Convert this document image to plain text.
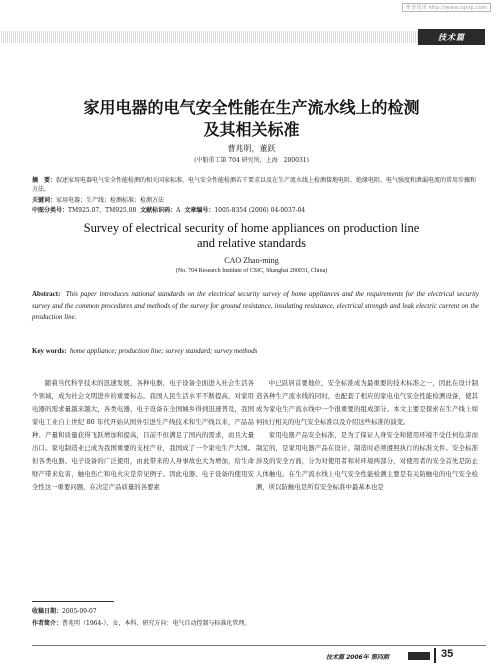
维普资讯 http://www.cqvip.com
技术篇
家用电器的电气安全性能在生产流水线上的检测
及其相关标准
曹兆明，董跃
(中船重工第 704 研究所，上海　200031)
摘　要：叙述家用电器电气安全性能检测的相关国家标准，电气安全性能检测若干要求以及在生产流水线上检测接地电阻、绝缘电阻、电气强度和泄漏电流的常用步骤和方法。
关键词：家用电器；生产线；检测标准；检测方法
中图分类号：TM925.07，TM925.08 文献标识码：A 文章编号：1005-8354 (2006) 04-0037-04
Survey of electrical security of home appliances on production line
and relative standards
CAO Zhao-ming
(No. 704 Research Institute of CSIC, Shanghai 200031, China)
Abstract: This paper introduces national standards on the electrical security survey of home appliances and the requirements for the electrical security survey and the common procedures and methods of the survey for ground resistance, insulating resistance, electrical strength and leak electric current on the production line.
Key words: home appliance; production line; survey standard; survey methods
随着当代科学技术的迅速发展，各种电器、电子设备全面进入社会生活各个领域，成为社会文明进步的重要标志。我国人民生活水平不断提高，对家用电器的需求量越来越大，各类电器、电子设备在全国城乡得到迅速普及，我国家电工业自上世纪 80 年代开始从国外引进生产线技术和生产线以来，产品品种、产量和质量获得飞跃增加和提高，目前不但满足了国内的需求，而且大量出口。家电制造业已成为我国重要的支柱产业，我国成了一个家电生产大国。但各类电器、电子设备的广泛使用，由此带来的人身事故也大为增加，给生命财产带来危害，触电伤亡和电火灾是常见例子。因此电器、电子设备的使用安全性这一重要问题，在决定产品质量的各要素
中已跃居首要地位，安全标准成为最重要的技术标准之一，因此在设计制造各种生产流水线的同时，也配套了相应的家电电气安全性能检测设备，使其成为家电生产流水线中一个很重要的组成部分。本文主要是探索在生产线上如何执行相关的电气安全标准以及介绍这些标准的演变。
家用电器产品安全标准，是为了保证人身安全和使用环境不受任何危害而制定的，是家用电器产品在设计、制造时必须遵照执行的标准文件。安全标准涉及的安全方面，分为对使用者和对环境两部分，对使用者的安全首先是防止人体触电。在生产流水线上电气安全性能检测主要是有关防触电的电气安全检测，所以防触电是所有安全标准中最基本也是
收稿日期：2005-09-07
作者简介：曹兆明（1964-），女，本科，研究方向：电气自动控制与标准化管理。
技术篇 2006年 第四期	35
